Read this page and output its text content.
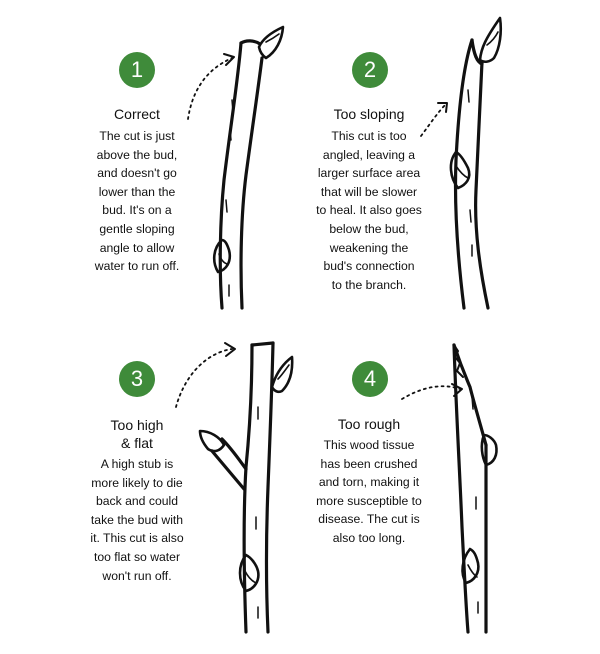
1
Correct
The cut is just
above the bud,
and doesn't go
lower than the
bud. It's on a
gentle sloping
angle to allow
water to run off.
2
Too sloping
This cut is too
angled, leaving a
larger surface area
that will be slower
to heal. It also goes
below the bud,
weakening the
bud's connection
to the branch.
3
Too high
& flat
A high stub is
more likely to die
back and could
take the bud with
it. This cut is also
too flat so water
won't run off.
4
Too rough
This wood tissue
has been crushed
and torn, making it
more susceptible to
disease. The cut is
also too long.
